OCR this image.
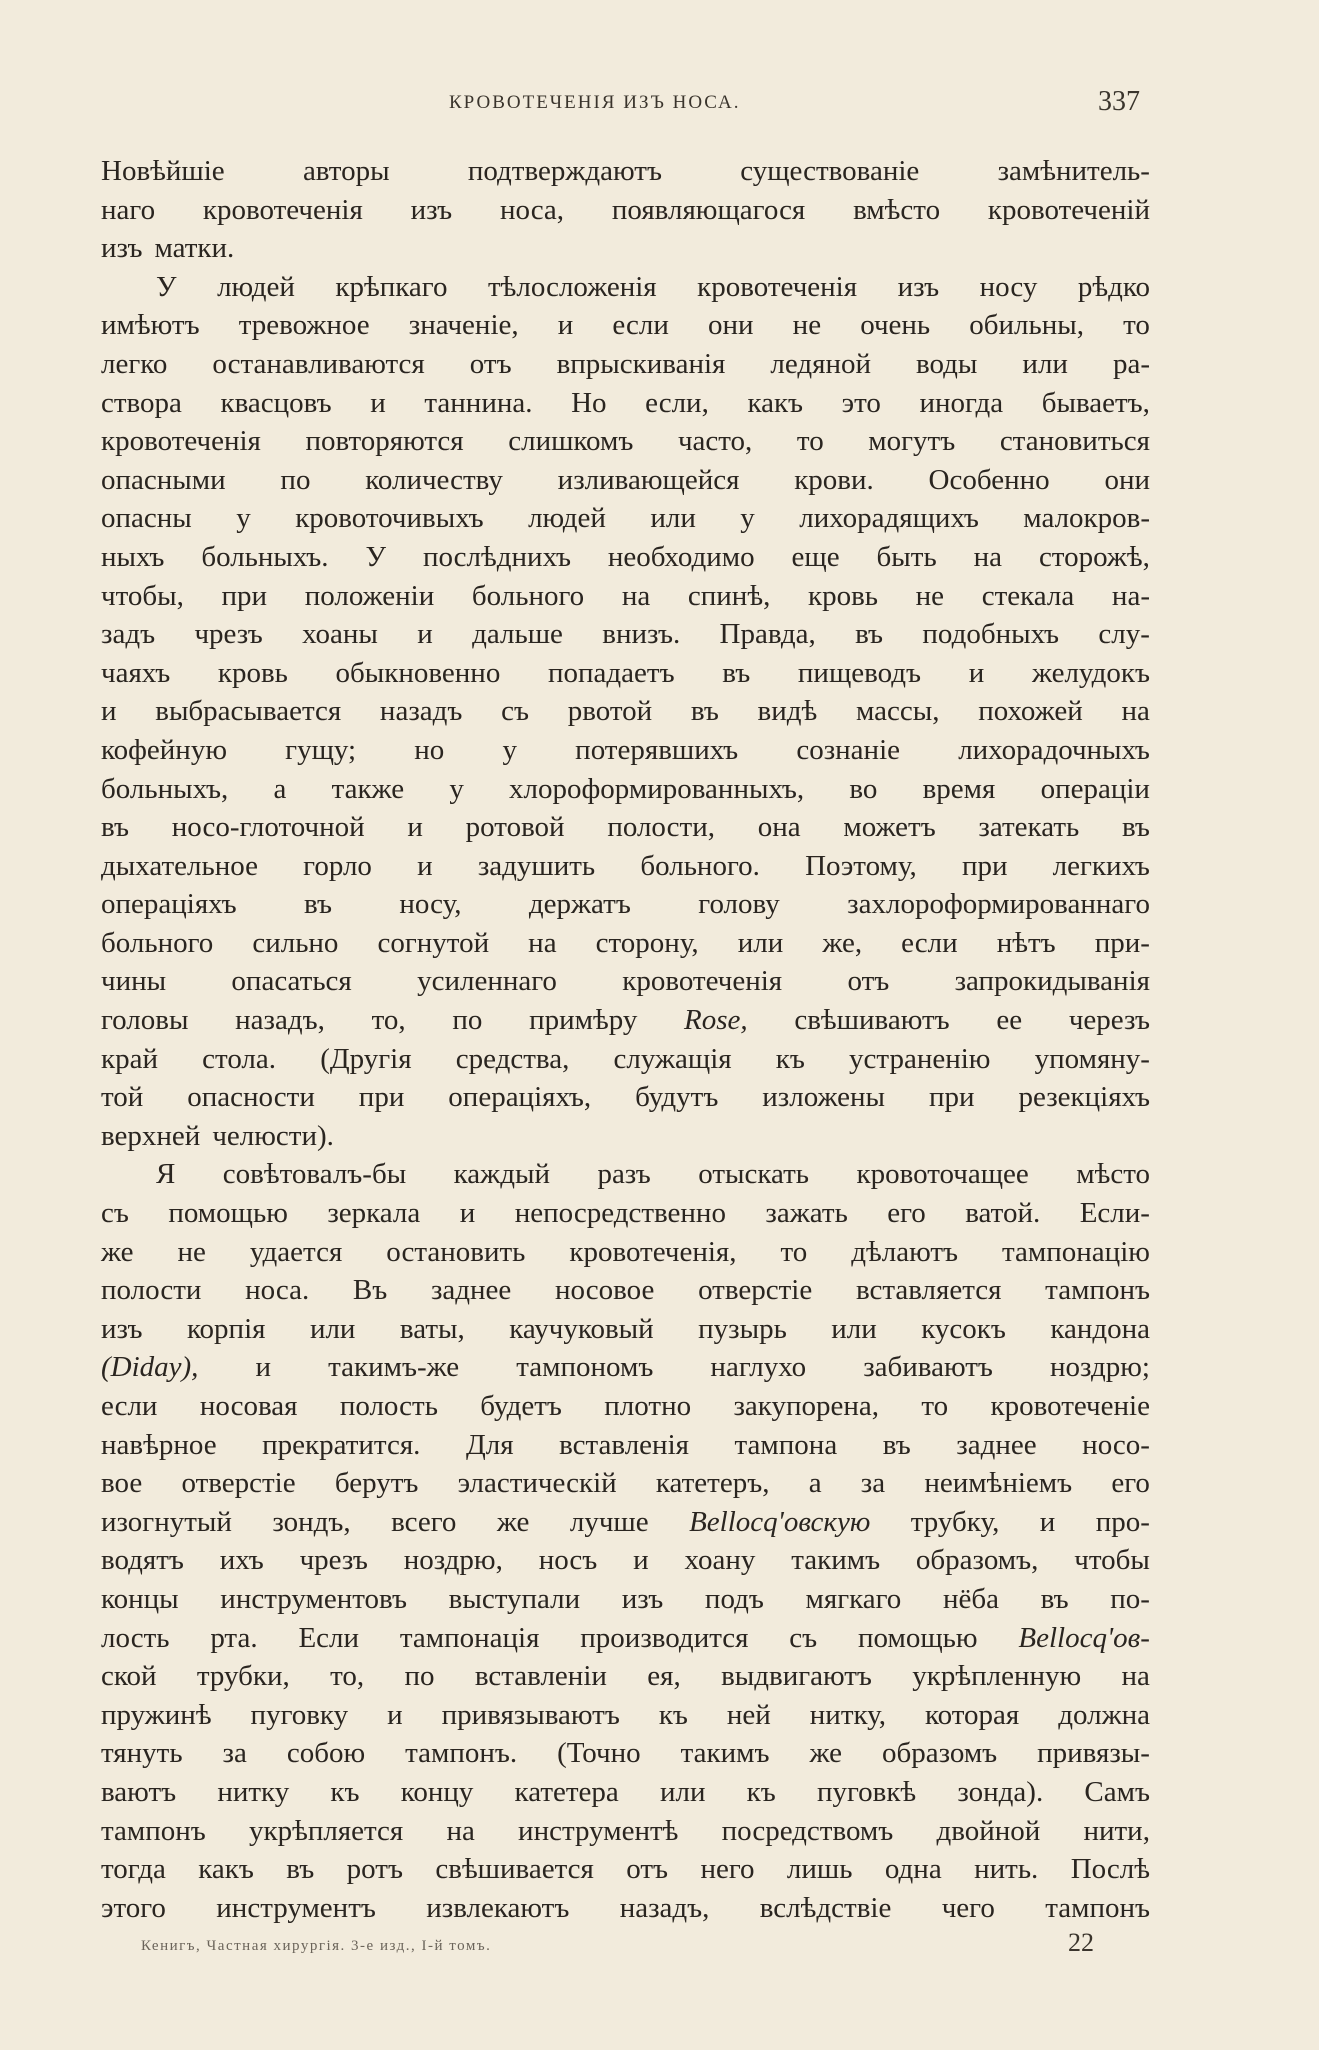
КРОВОТЕЧЕНІЯ ИЗЪ НОСА.	337
Новѣйшіе	авторы	подтверждаютъ	существованіе	замѣнитель-
наго кровотеченія изъ носа, появляющагося вмѣсто кровотеченій
изъ матки.
У людей крѣпкаго тѣлосложенія кровотеченія изъ носу рѣдко
имѣютъ тревожное значеніе, и если они не очень обильны, то
легко останавливаются отъ впрыскиванія ледяной воды или ра-
створа квасцовъ и таннина. Но если, какъ это иногда бываетъ,
кровотеченія повторяются слишкомъ часто, то могутъ становиться
опасными по количеству изливающейся крови. Особенно они
опасны у кровоточивыхъ людей или у лихорадящихъ малокров-
ныхъ больныхъ. У послѣднихъ необходимо еще быть на сторожѣ,
чтобы, при положеніи больного на спинѣ, кровь не стекала на-
задъ чрезъ хоаны и дальше внизъ. Правда, въ подобныхъ слу-
чаяхъ кровь обыкновенно попадаетъ въ пищеводъ и желудокъ
и выбрасывается назадъ съ рвотой въ видѣ массы, похожей на
кофейную гущу; но у потерявшихъ сознаніе лихорадочныхъ
больныхъ, а также у хлороформированныхъ, во время операціи
въ носо-глоточной и ротовой полости, она можетъ затекать въ
дыхательное горло и задушить больного. Поэтому, при легкихъ
операціяхъ въ носу, держатъ голову захлороформированнаго
больного сильно согнутой на сторону, или же, если нѣтъ при-
чины опасаться усиленнаго кровотеченія отъ запрокидыванія
головы назадъ, то, по примѣру Rose, свѣшиваютъ ее черезъ
край стола. (Другія средства, служащія къ устраненію упомяну-
той опасности при операціяхъ, будутъ изложены при резекціяхъ
верхней челюсти).
Я совѣтовалъ-бы каждый разъ отыскать кровоточащее мѣсто
съ помощью зеркала и непосредственно зажать его ватой. Если-
же не удается остановить кровотеченія, то дѣлаютъ тампонацію
полости носа. Въ заднее носовое отверстіе вставляется тампонъ
изъ корпія или ваты, каучуковый пузырь или кусокъ кандона
(Diday), и такимъ-же тампономъ наглухо забиваютъ ноздрю;
если носовая полость будетъ плотно закупорена, то кровотеченіе
навѣрное прекратится. Для вставленія тампона въ заднее носо-
вое отверстіе берутъ эластическій катетеръ, а за неимѣніемъ его
изогнутый зондъ, всего же лучше Bellocq'овскую трубку, и про-
водятъ ихъ чрезъ ноздрю, носъ и хоану такимъ образомъ, чтобы
концы инструментовъ выступали изъ подъ мягкаго нёба въ по-
лость рта. Если тампонація производится съ помощью Bellocq'ов-
ской трубки, то, по вставленіи ея, выдвигаютъ укрѣпленную на
пружинѣ пуговку и привязываютъ къ ней нитку, которая должна
тянуть за собою тампонъ. (Точно такимъ же образомъ привязы-
ваютъ нитку къ концу катетера или къ пуговкѣ зонда). Самъ
тампонъ укрѣпляется на инструментѣ посредствомъ двойной нити,
тогда какъ въ ротъ свѣшивается отъ него лишь одна нить. Послѣ
этого инструментъ извлекаютъ назадъ, вслѣдствіе чего тампонъ
Кенигъ, Частная хирургія. 3-е изд., I-й томъ.	22
